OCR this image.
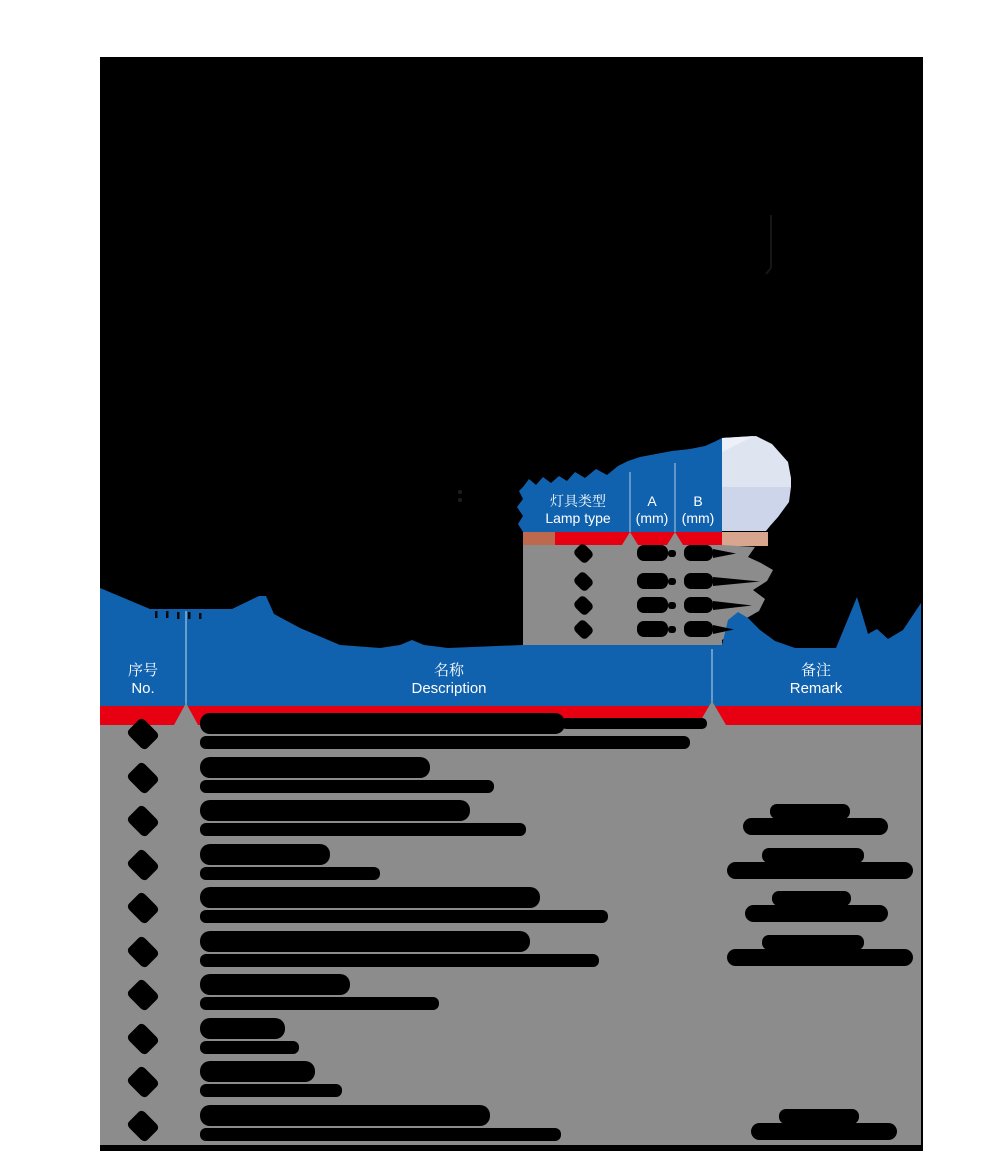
灯具类型
Lamp type
A
(mm)
B
(mm)
序号
No.
名称
Description
备注
Remark
